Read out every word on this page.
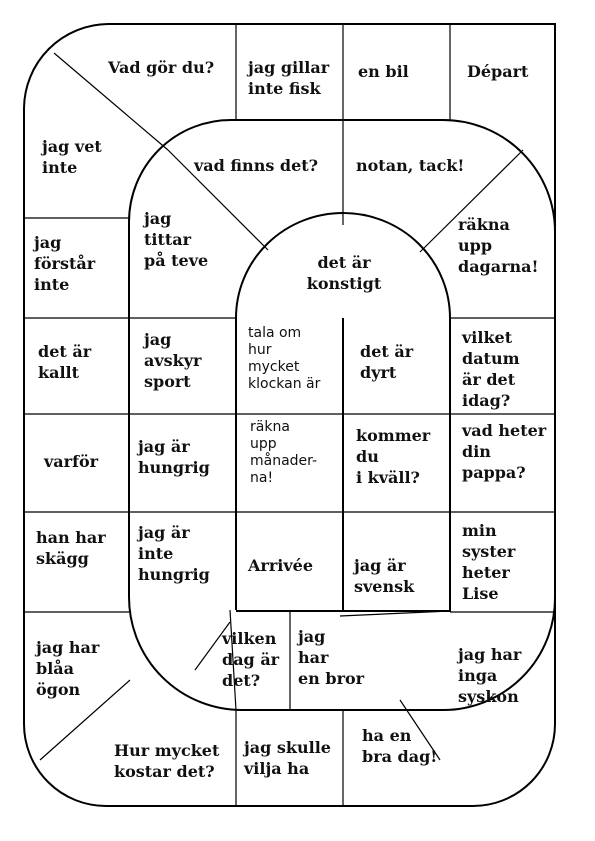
Départ
en bil
jag gillar
inte fisk
Vad gör du?
jag vet
inte
jag
förstår
inte
det är
kallt
varför
han har
skägg
jag har
blåa
ögon
Hur mycket
kostar det?
jag skulle
vilja ha
ha en
bra dag!
jag har
inga
syskon
min
syster
heter
Lise
vad heter
din
pappa?
vilket
datum
är det
idag?
räkna
upp
dagarna!
notan, tack!
vad finns det?
jag
tittar
på teve
jag
avskyr
sport
jag är
hungrig
jag är
inte
hungrig
vilken
dag är
det?
jag
har
en bror
jag är
svensk
kommer
du
i kväll?
det är
dyrt
det är
konstigt
tala om
hur
mycket
klockan är
räkna
upp
månader-
na!
Arrivée
